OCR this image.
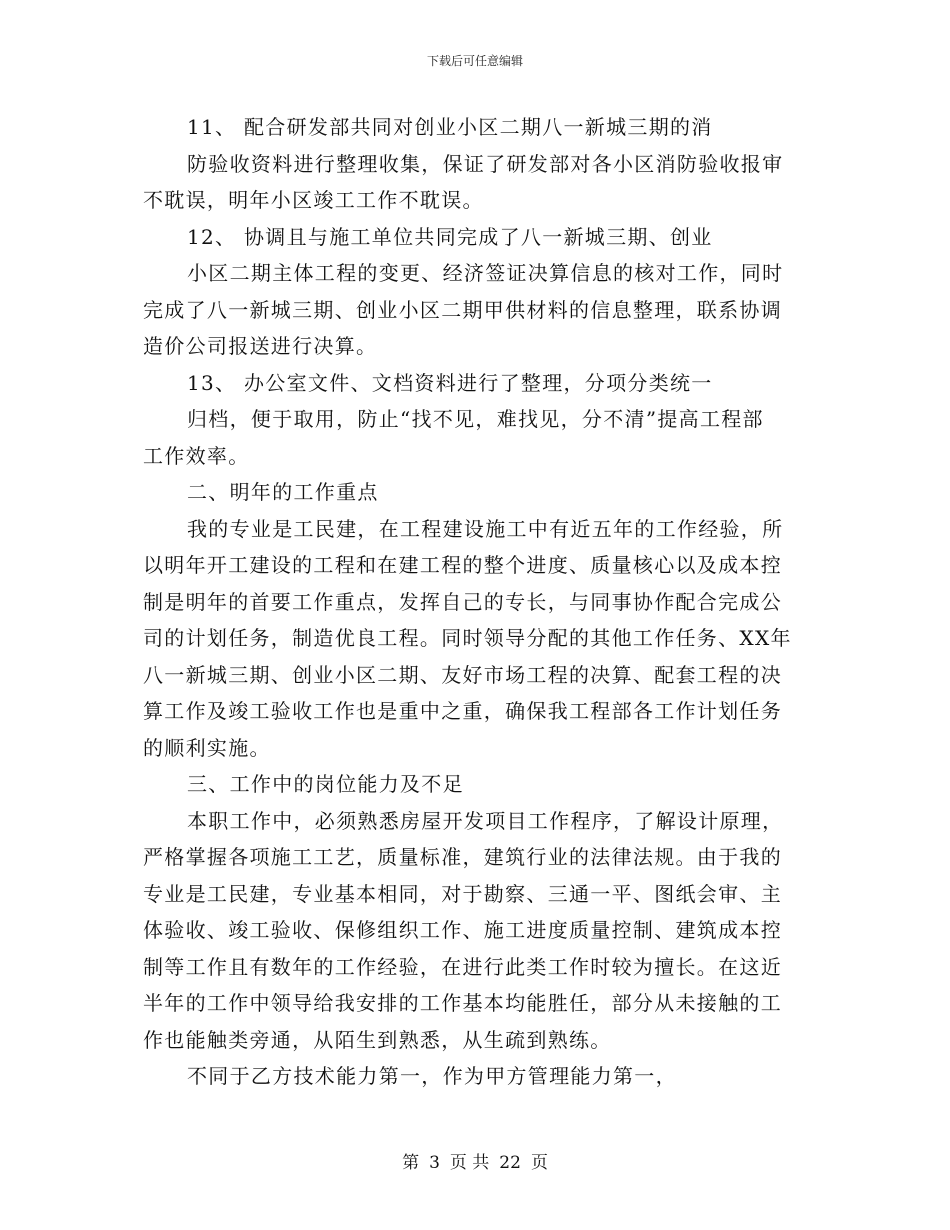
下载后可任意编辑

11、 配合研发部共同对创业小区二期八一新城三期的消

防验收资料进行整理收集，保证了研发部对各小区消防验收报审

不耽误，明年小区竣工工作不耽误。

12、 协调且与施工单位共同完成了八一新城三期、创业

小区二期主体工程的变更、经济签证决算信息的核对工作，同时

完成了八一新城三期、创业小区二期甲供材料的信息整理，联系协调

造价公司报送进行决算。

13、 办公室文件、文档资料进行了整理，分项分类统一

归档，便于取用，防止“找不见，难找见，分不清”提高工程部

工作效率。

二、明年的工作重点

我的专业是工民建，在工程建设施工中有近五年的工作经验，所

以明年开工建设的工程和在建工程的整个进度、质量核心以及成本控

制是明年的首要工作重点，发挥自己的专长，与同事协作配合完成公

司的计划任务，制造优良工程。同时领导分配的其他工作任务、XX年

八一新城三期、创业小区二期、友好市场工程的决算、配套工程的决

算工作及竣工验收工作也是重中之重，确保我工程部各工作计划任务

的顺利实施。

三、工作中的岗位能力及不足

本职工作中，必须熟悉房屋开发项目工作程序，了解设计原理，

严格掌握各项施工工艺，质量标准，建筑行业的法律法规。由于我的

专业是工民建，专业基本相同，对于勘察、三通一平、图纸会审、主

体验收、竣工验收、保修组织工作、施工进度质量控制、建筑成本控

制等工作且有数年的工作经验，在进行此类工作时较为擅长。在这近

半年的工作中领导给我安排的工作基本均能胜任，部分从未接触的工

作也能触类旁通，从陌生到熟悉，从生疏到熟练。

不同于乙方技术能力第一，作为甲方管理能力第一，

第 3 页 共 22 页
